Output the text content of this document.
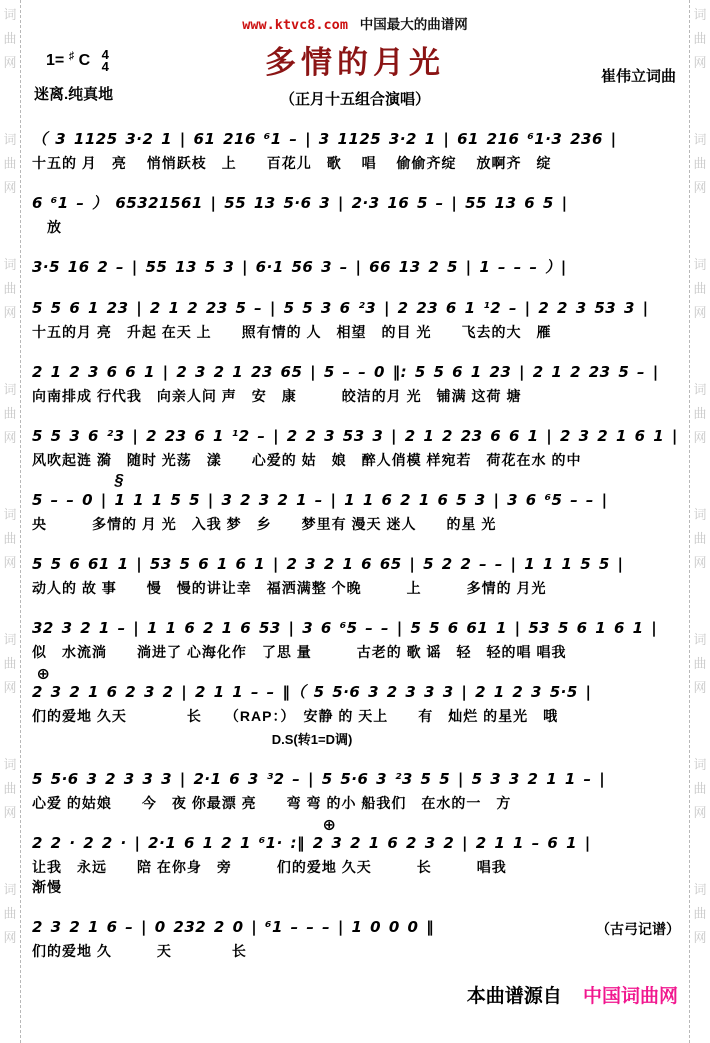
词
曲
网
词
曲
网
词
曲
网
词
曲
网
词
曲
网
词
曲
网
词
曲
网
词
曲
网
词
曲
网
词
曲
网
词
曲
网
词
曲
网
词
曲
网
词
曲
网
词
曲
网
词
曲
网
www.ktvc8.com 中国最大的曲谱网
1= ♯ C 4
4
迷离.纯真地
多情的月光
（正月十五组合演唱）
崔伟立词曲
（ 3 1125 3·2 1 | 61 216 ⁶1 – | 3 1125 3·2 1 | 61 216 ⁶1·3 236 |
十五的 月　亮　 悄悄跃枝　上　　百花儿　歌　 唱　 偷偷齐绽　 放啊齐　绽
6 ⁶1 – ） 65321561 | 55 13 5·6 3 | 2·3 16 5 – | 55 13 6 5 |
　放
3·5 16 2 – | 55 13 5 3 | 6·1 56 3 – | 66 13 2 5 | 1 – – – ）|
5 5 6 1 23 | 2 1 2 23 5 – | 5 5 3 6 ²3 | 2 23 6 1 ¹2 – | 2 2 3 53 3 |
十五的月 亮　升起 在天 上　　照有情的 人　相望　的目 光　　飞去的大　雁
2 1 2 3 6 6 1 | 2 3 2 1 23 65 | 5 – – 0 ‖: 5 5 6 1 23 | 2 1 2 23 5 – |
向南排成 行代我　向亲人问 声　安　康　　　皎洁的月 光　铺满 这荷 塘
5 5 3 6 ²3 | 2 23 6 1 ¹2 – | 2 2 3 53 3 | 2 1 2 23 6 6 1 | 2 3 2 1 6 1 |
风吹起涟 漪　随时 光荡　漾　　心爱的 姑　娘　醉人俏模 样宛若　荷花在水 的中
§
5 – – 0 | 1 1 1 5 5 | 3 2 3 2 1 – | 1 1 6 2 1 6 5 3 | 3 6 ⁶5 – – |
央　　　多情的 月 光　入我 梦　乡　　梦里有 漫天 迷人　　的星 光
5 5 6 61 1 | 53 5 6 1 6 1 | 2 3 2 1 6 65 | 5 2 2 – – | 1 1 1 5 5 |
动人的 故 事　　慢　慢的讲让幸　福洒满整 个晚　　　上　　　多情的 月光
32 3 2 1 – | 1 1 6 2 1 6 53 | 3 6 ⁶5 – – | 5 5 6 61 1 | 53 5 6 1 6 1 |
似　水流淌　　淌进了 心海化作　了思 量　　　古老的 歌 谣　轻　轻的唱 唱我
⊕
2 3 2 1 6 2 3 2 | 2 1 1 – – ‖（ 5 5·6 3 2 3 3 3 | 2 1 2 3 5·5 |
们的爱地 久天　　　　长　　（RAP：）　安静 的 天上　　有　灿烂 的星光　哦
D.S(转1=D调)
5 5·6 3 2 3 3 3 | 2·1 6 3 ³2 – | 5 5·6 3 ²3 5 5 | 5 3 3 2 1 1 – |
心爱 的姑娘　　今　夜 你最漂 亮　　弯 弯 的小 船我们　在水的一　方
⊕
2 2 · 2 2 · | 2·1 6 1 2 1 ⁶1· :‖ 2 3 2 1 6 2 3 2 | 2 1 1 – 6 1 |
让我　永远　　陪 在你身　旁　　　们的爱地 久天　　　长　　　唱我
渐慢
2 3 2 1 6 – | 0 232 2 0 | ⁶1 – – – | 1 0 0 0 ‖	（古弓记谱）
们的爱地 久　　　天　　　　长
本曲谱源自 中国词曲网
